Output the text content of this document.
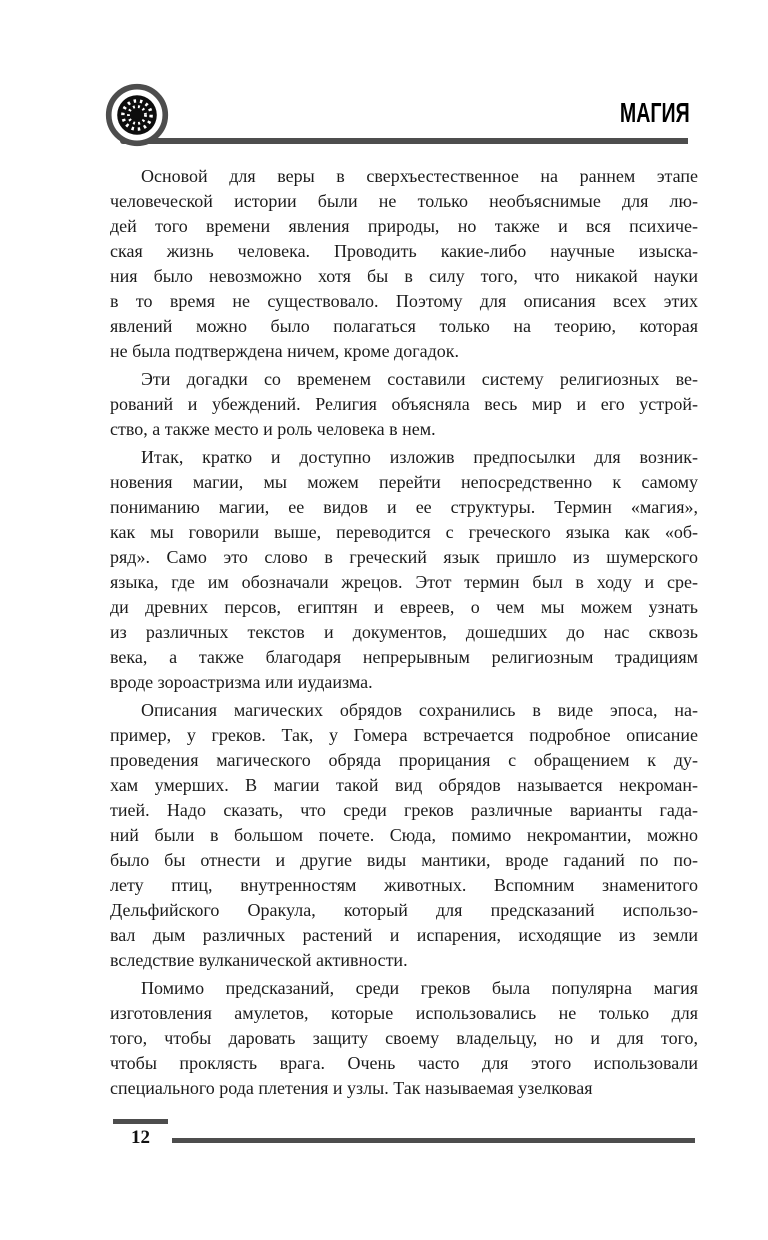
МАГИЯ

Основой для веры в сверхъестественное на раннем этапе
человеческой истории были не только необъяснимые для лю-
дей того времени явления природы, но также и вся психиче-
ская жизнь человека. Проводить какие-либо научные изыска-
ния было невозможно хотя бы в силу того, что никакой науки
в то время не существовало. Поэтому для описания всех этих
явлений можно было полагаться только на теорию, которая
не была подтверждена ничем, кроме догадок.

Эти догадки со временем составили систему религиозных ве-
рований и убеждений. Религия объясняла весь мир и его устрой-
ство, а также место и роль человека в нем.

Итак, кратко и доступно изложив предпосылки для возник-
новения магии, мы можем перейти непосредственно к самому
пониманию магии, ее видов и ее структуры. Термин «магия»,
как мы говорили выше, переводится с греческого языка как «об-
ряд». Само это слово в греческий язык пришло из шумерского
языка, где им обозначали жрецов. Этот термин был в ходу и сре-
ди древних персов, египтян и евреев, о чем мы можем узнать
из различных текстов и документов, дошедших до нас сквозь
века, а также благодаря непрерывным религиозным традициям
вроде зороастризма или иудаизма.

Описания магических обрядов сохранились в виде эпоса, на-
пример, у греков. Так, у Гомера встречается подробное описание
проведения магического обряда прорицания с обращением к ду-
хам умерших. В магии такой вид обрядов называется некроман-
тией. Надо сказать, что среди греков различные варианты гада-
ний были в большом почете. Сюда, помимо некромантии, можно
было бы отнести и другие виды мантики, вроде гаданий по по-
лету птиц, внутренностям животных. Вспомним знаменитого
Дельфийского Оракула, который для предсказаний использо-
вал дым различных растений и испарения, исходящие из земли
вследствие вулканической активности.

Помимо предсказаний, среди греков была популярна магия
изготовления амулетов, которые использовались не только для
того, чтобы даровать защиту своему владельцу, но и для того,
чтобы проклясть врага. Очень часто для этого использовали
специального рода плетения и узлы. Так называемая узелковая

12
